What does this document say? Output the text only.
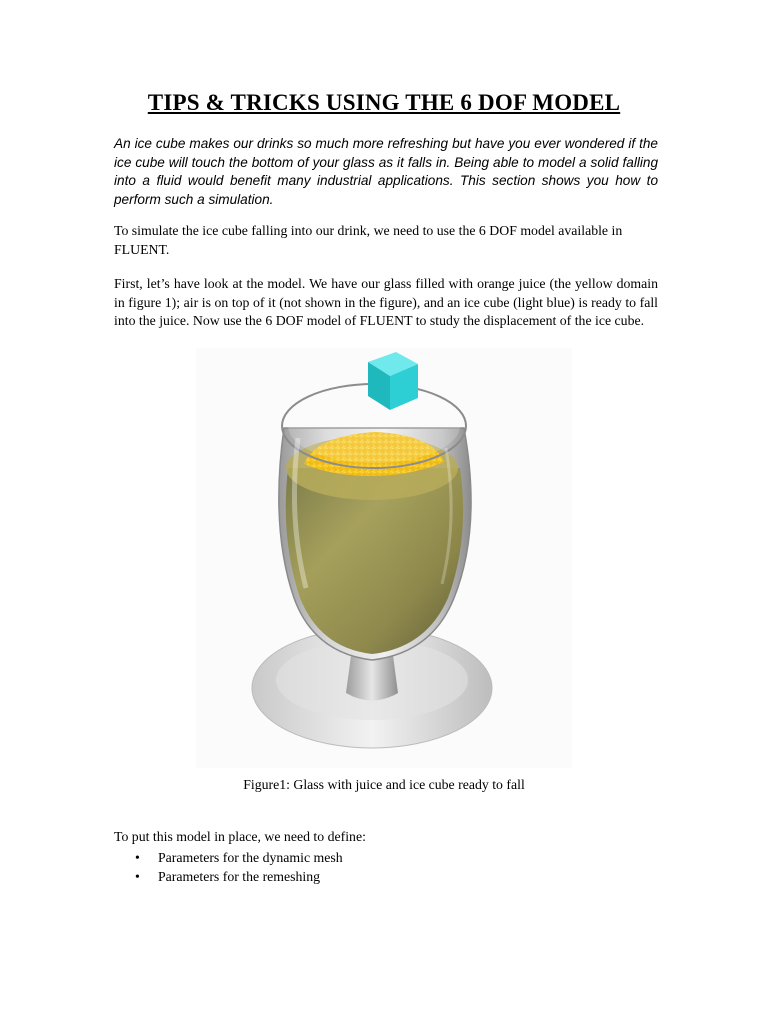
TIPS & TRICKS USING THE 6 DOF MODEL

An ice cube makes our drinks so much more refreshing but have you ever wondered if the ice cube will touch the bottom of your glass as it falls in. Being able to model a solid falling into a fluid would benefit many industrial applications. This section shows you how to perform such a simulation.

To simulate the ice cube falling into our drink, we need to use the 6 DOF model available in FLUENT.

First, let’s have look at the model. We have our glass filled with orange juice (the yellow domain in figure 1); air is on top of it (not shown in the figure), and an ice cube (light blue) is ready to fall into the juice. Now use the 6 DOF model of FLUENT to study the displacement of the ice cube.

Figure1: Glass with juice and ice cube ready to fall

To put this model in place, we need to define:

• Parameters for the dynamic mesh
• Parameters for the remeshing
